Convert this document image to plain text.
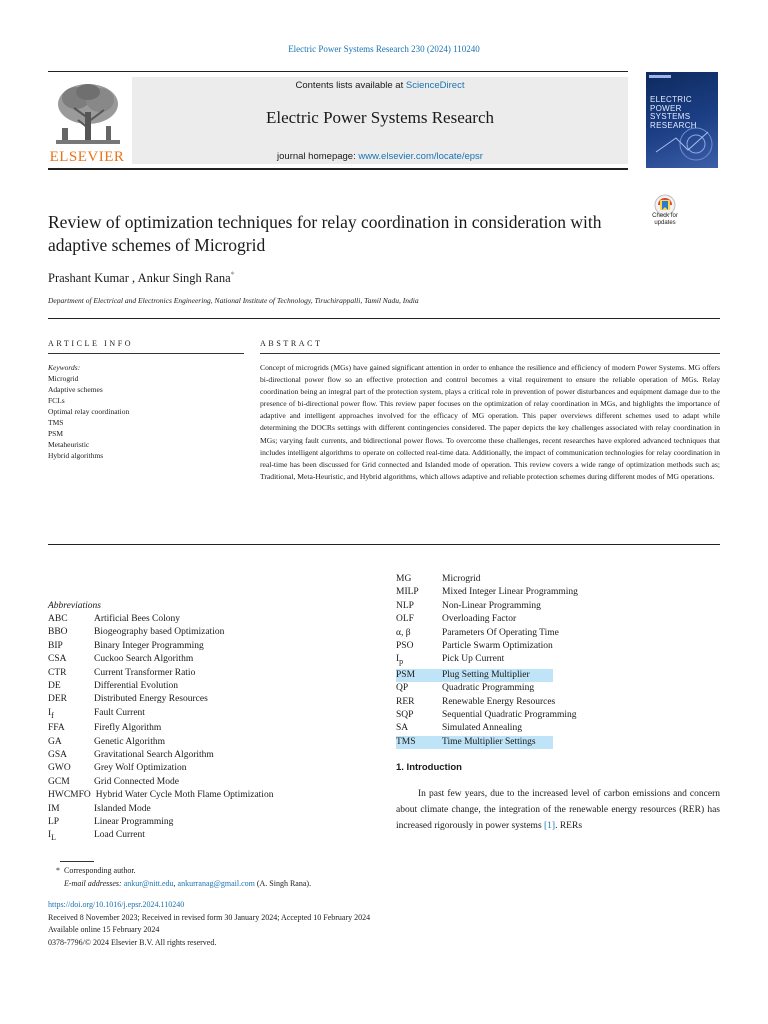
Electric Power Systems Research 230 (2024) 110240
Contents lists available at ScienceDirect
Electric Power Systems Research
journal homepage: www.elsevier.com/locate/epsr
ELSEVIER
ELECTRIC
POWER
SYSTEMS
RESEARCH
Review of optimization techniques for relay coordination in consideration with adaptive schemes of Microgrid
Check for updates
Prashant Kumar , Ankur Singh Rana*
Department of Electrical and Electronics Engineering, National Institute of Technology, Tiruchirappalli, Tamil Nadu, India
ARTICLE INFO	ABSTRACT
Keywords:
Microgrid
Adaptive schemes
FCLs
Optimal relay coordination
TMS
PSM
Metaheuristic
Hybrid algorithms
Concept of microgrids (MGs) have gained significant attention in order to enhance the resilience and efficiency of modern Power Systems. MG offers bi-directional power flow so an effective protection and control becomes a vital requirement to ensure the reliable operation of MGs. Relay coordination being an integral part of the protection system, plays a critical role in prevention of power disturbances and equipment damage due to the presence of bi-directional power flow. This review paper focuses on the optimization of relay coordination in MGs, and highlights the importance of adaptive and intelligent approaches involved for the efficacy of MG operation. This paper overviews different schemes used to adapt while determining the DOCRs settings with different contingencies considered. The paper depicts the key challenges associated with relay coordination in MGs; varying fault currents, and bidirectional power flows. To overcome these challenges, recent researches have explored advanced techniques that includes intelligent algorithms to operate on collected real-time data. Additionally, the impact of communication technologies for relay coordination in real-time has been discussed for Grid connected and Islanded mode of operation. This review covers a wide range of optimization methods such as; Traditional, Meta-Heuristic, and Hybrid algorithms, which allows adaptive and reliable protection schemes during different modes of MG operations.
Abbreviations
ABC	Artificial Bees Colony
BBO	Biogeography based Optimization
BIP	Binary Integer Programming
CSA	Cuckoo Search Algorithm
CTR	Current Transformer Ratio
DE	Differential Evolution
DER	Distributed Energy Resources
$I_f$	Fault Current
FFA	Firefly Algorithm
GA	Genetic Algorithm
GSA	Gravitational Search Algorithm
GWO	Grey Wolf Optimization
GCM	Grid Connected Mode
HWCMFO Hybrid Water Cycle Moth Flame Optimization
IM	Islanded Mode
LP	Linear Programming
$I_L$	Load Current
MG	Microgrid
MILP	Mixed Integer Linear Programming
NLP	Non-Linear Programming
OLF	Overloading Factor
α, β	Parameters Of Operating Time
PSO	Particle Swarm Optimization
$I_p$	Pick Up Current
PSM	Plug Setting Multiplier
QP	Quadratic Programming
RER	Renewable Energy Resources
SQP	Sequential Quadratic Programming
SA	Simulated Annealing
TMS	Time Multiplier Settings
1. Introduction
In past few years, due to the increased level of carbon emissions and concern about climate change, the integration of the renewable energy resources (RER) has increased rigorously in power systems [1]. RERs
* Corresponding author.
E-mail addresses: ankur@nitt.edu, ankurranag@gmail.com (A. Singh Rana).
https://doi.org/10.1016/j.epsr.2024.110240
Received 8 November 2023; Received in revised form 30 January 2024; Accepted 10 February 2024
Available online 15 February 2024
0378-7796/© 2024 Elsevier B.V. All rights reserved.
